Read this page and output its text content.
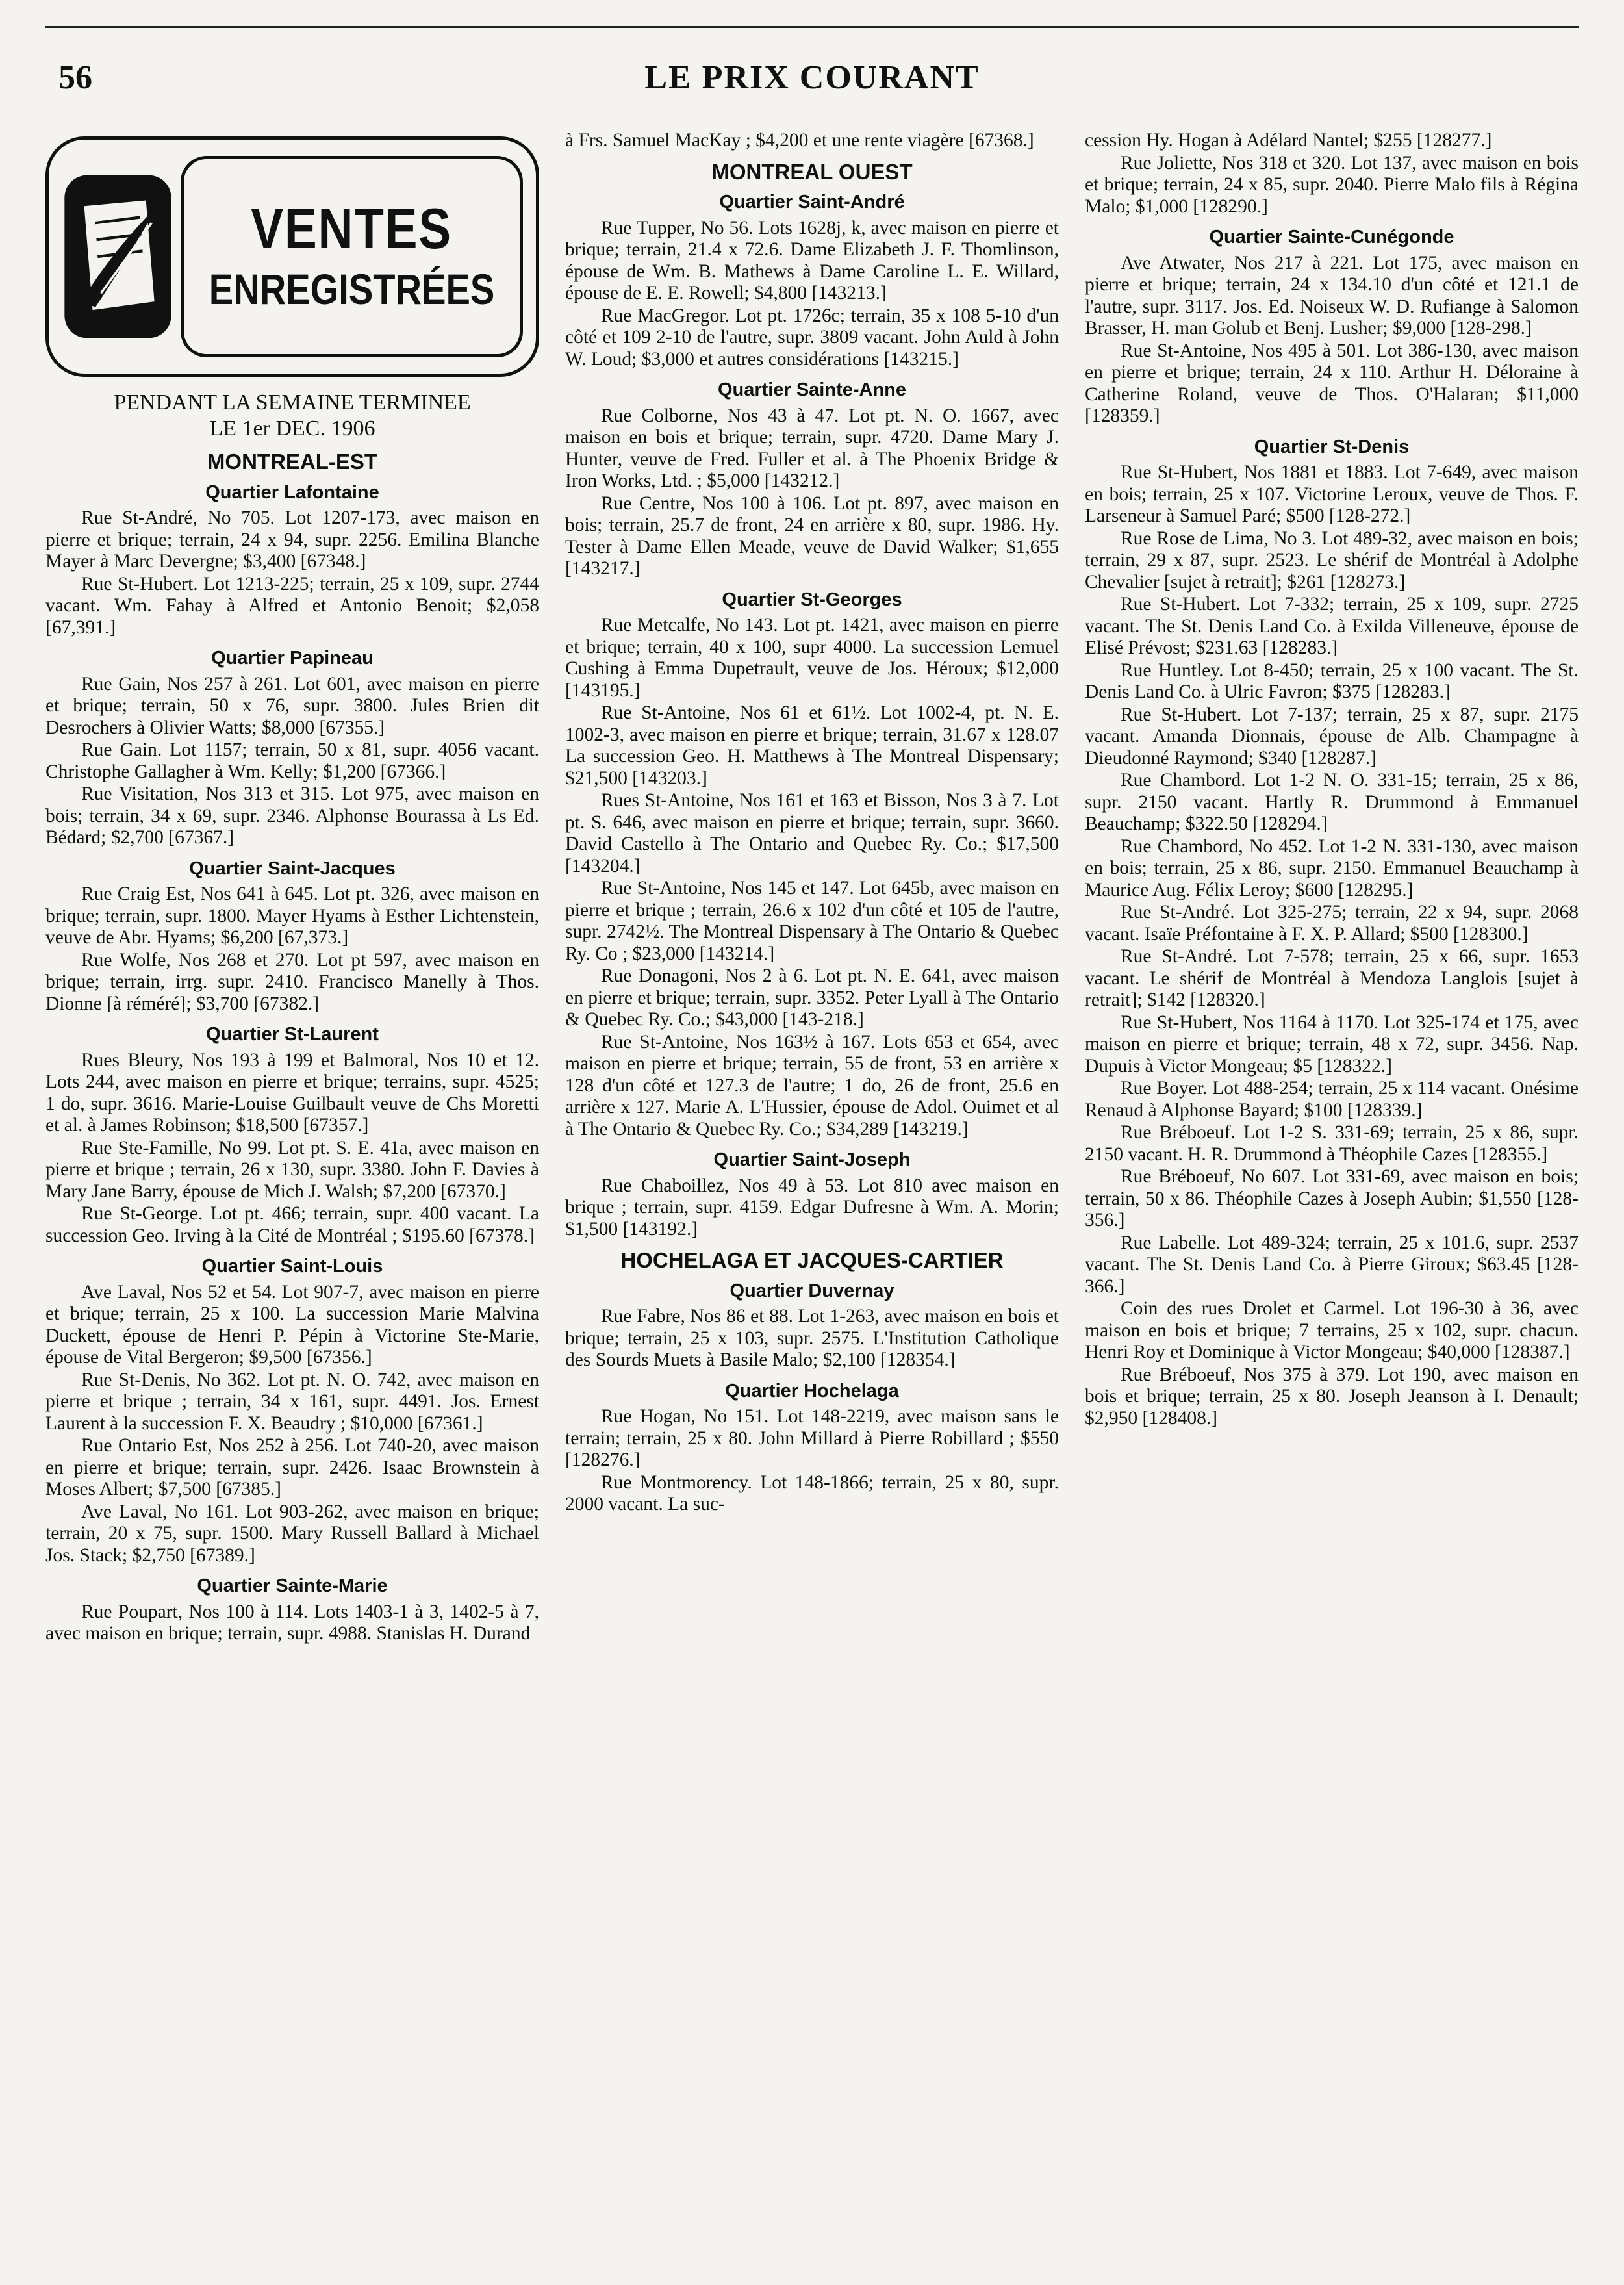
56	LE PRIX COURANT
VENTES
ENREGISTRÉES
PENDANT LA SEMAINE TERMINEE
LE 1er DEC. 1906
MONTREAL-EST
Quartier Lafontaine

Rue St-André, No 705. Lot 1207-173, avec maison en pierre et brique; terrain, 24 x 94, supr. 2256. Emilina Blanche Mayer à Marc Devergne; $3,400 [67348.]

Rue St-Hubert. Lot 1213-225; terrain, 25 x 109, supr. 2744 vacant. Wm. Fahay à Alfred et Antonio Benoit; $2,058 [67,391.]

Quartier Papineau

Rue Gain, Nos 257 à 261. Lot 601, avec maison en pierre et brique; terrain, 50 x 76, supr. 3800. Jules Brien dit Desrochers à Olivier Watts; $8,000 [67355.]

Rue Gain. Lot 1157; terrain, 50 x 81, supr. 4056 vacant. Christophe Gallagher à Wm. Kelly; $1,200 [67366.]

Rue Visitation, Nos 313 et 315. Lot 975, avec maison en bois; terrain, 34 x 69, supr. 2346. Alphonse Bourassa à Ls Ed. Bédard; $2,700 [67367.]

Quartier Saint-Jacques

Rue Craig Est, Nos 641 à 645. Lot pt. 326, avec maison en brique; terrain, supr. 1800. Mayer Hyams à Esther Lichtenstein, veuve de Abr. Hyams; $6,200 [67,373.]

Rue Wolfe, Nos 268 et 270. Lot pt 597, avec maison en brique; terrain, irrg. supr. 2410. Francisco Manelly à Thos. Dionne [à réméré]; $3,700 [67382.]

Quartier St-Laurent

Rues Bleury, Nos 193 à 199 et Balmoral, Nos 10 et 12. Lots 244, avec maison en pierre et brique; terrains, supr. 4525; 1 do, supr. 3616. Marie-Louise Guilbault veuve de Chs Moretti et al. à James Robinson; $18,500 [67357.]

Rue Ste-Famille, No 99. Lot pt. S. E. 41a, avec maison en pierre et brique ; terrain, 26 x 130, supr. 3380. John F. Davies à Mary Jane Barry, épouse de Mich J. Walsh; $7,200 [67370.]

Rue St-George. Lot pt. 466; terrain, supr. 400 vacant. La succession Geo. Irving à la Cité de Montréal ; $195.60 [67378.]

Quartier Saint-Louis

Ave Laval, Nos 52 et 54. Lot 907-7, avec maison en pierre et brique; terrain, 25 x 100. La succession Marie Malvina Duckett, épouse de Henri P. Pépin à Victorine Ste-Marie, épouse de Vital Bergeron; $9,500 [67356.]

Rue St-Denis, No 362. Lot pt. N. O. 742, avec maison en pierre et brique ; terrain, 34 x 161, supr. 4491. Jos. Ernest Laurent à la succession F. X. Beaudry ; $10,000 [67361.]

Rue Ontario Est, Nos 252 à 256. Lot 740-20, avec maison en pierre et brique; terrain, supr. 2426. Isaac Brownstein à Moses Albert; $7,500 [67385.]

Ave Laval, No 161. Lot 903-262, avec maison en brique; terrain, 20 x 75, supr. 1500. Mary Russell Ballard à Michael Jos. Stack; $2,750 [67389.]

Quartier Sainte-Marie

Rue Poupart, Nos 100 à 114. Lots 1403-1 à 3, 1402-5 à 7, avec maison en brique; terrain, supr. 4988. Stanislas H. Durand

à Frs. Samuel MacKay ; $4,200 et une rente viagère [67368.]

MONTREAL OUEST
Quartier Saint-André

Rue Tupper, No 56. Lots 1628j, k, avec maison en pierre et brique; terrain, 21.4 x 72.6. Dame Elizabeth J. F. Thomlinson, épouse de Wm. B. Mathews à Dame Caroline L. E. Willard, épouse de E. E. Rowell; $4,800 [143213.]

Rue MacGregor. Lot pt. 1726c; terrain, 35 x 108 5-10 d'un côté et 109 2-10 de l'autre, supr. 3809 vacant. John Auld à John W. Loud; $3,000 et autres considérations [143215.]

Quartier Sainte-Anne

Rue Colborne, Nos 43 à 47. Lot pt. N. O. 1667, avec maison en bois et brique; terrain, supr. 4720. Dame Mary J. Hunter, veuve de Fred. Fuller et al. à The Phoenix Bridge & Iron Works, Ltd. ; $5,000 [143212.]

Rue Centre, Nos 100 à 106. Lot pt. 897, avec maison en bois; terrain, 25.7 de front, 24 en arrière x 80, supr. 1986. Hy. Tester à Dame Ellen Meade, veuve de David Walker; $1,655 [143217.]

Quartier St-Georges

Rue Metcalfe, No 143. Lot pt. 1421, avec maison en pierre et brique; terrain, 40 x 100, supr 4000. La succession Lemuel Cushing à Emma Dupetrault, veuve de Jos. Héroux; $12,000 [143195.]

Rue St-Antoine, Nos 61 et 61½. Lot 1002-4, pt. N. E. 1002-3, avec maison en pierre et brique; terrain, 31.67 x 128.07 La succession Geo. H. Matthews à The Montreal Dispensary; $21,500 [143203.]

Rues St-Antoine, Nos 161 et 163 et Bisson, Nos 3 à 7. Lot pt. S. 646, avec maison en pierre et brique; terrain, supr. 3660. David Castello à The Ontario and Quebec Ry. Co.; $17,500 [143204.]

Rue St-Antoine, Nos 145 et 147. Lot 645b, avec maison en pierre et brique ; terrain, 26.6 x 102 d'un côté et 105 de l'autre, supr. 2742½. The Montreal Dispensary à The Ontario & Quebec Ry. Co ; $23,000 [143214.]

Rue Donagoni, Nos 2 à 6. Lot pt. N. E. 641, avec maison en pierre et brique; terrain, supr. 3352. Peter Lyall à The Ontario & Quebec Ry. Co.; $43,000 [143-218.]

Rue St-Antoine, Nos 163½ à 167. Lots 653 et 654, avec maison en pierre et brique; terrain, 55 de front, 53 en arrière x 128 d'un côté et 127.3 de l'autre; 1 do, 26 de front, 25.6 en arrière x 127. Marie A. L'Hussier, épouse de Adol. Ouimet et al à The Ontario & Quebec Ry. Co.; $34,289 [143219.]

Quartier Saint-Joseph

Rue Chaboillez, Nos 49 à 53. Lot 810 avec maison en brique ; terrain, supr. 4159. Edgar Dufresne à Wm. A. Morin; $1,500 [143192.]

HOCHELAGA ET JACQUES-CARTIER
Quartier Duvernay

Rue Fabre, Nos 86 et 88. Lot 1-263, avec maison en bois et brique; terrain, 25 x 103, supr. 2575. L'Institution Catholique des Sourds Muets à Basile Malo; $2,100 [128354.]

Quartier Hochelaga

Rue Hogan, No 151. Lot 148-2219, avec maison sans le terrain; terrain, 25 x 80. John Millard à Pierre Robillard ; $550 [128276.]

Rue Montmorency. Lot 148-1866; terrain, 25 x 80, supr. 2000 vacant. La suc-

cession Hy. Hogan à Adélard Nantel; $255 [128277.]

Rue Joliette, Nos 318 et 320. Lot 137, avec maison en bois et brique; terrain, 24 x 85, supr. 2040. Pierre Malo fils à Régina Malo; $1,000 [128290.]

Quartier Sainte-Cunégonde

Ave Atwater, Nos 217 à 221. Lot 175, avec maison en pierre et brique; terrain, 24 x 134.10 d'un côté et 121.1 de l'autre, supr. 3117. Jos. Ed. Noiseux W. D. Rufiange à Salomon Brasser, H. man Golub et Benj. Lusher; $9,000 [128-298.]

Rue St-Antoine, Nos 495 à 501. Lot 386-130, avec maison en pierre et brique; terrain, 24 x 110. Arthur H. Déloraine à Catherine Roland, veuve de Thos. O'Halaran; $11,000 [128359.]

Quartier St-Denis

Rue St-Hubert, Nos 1881 et 1883. Lot 7-649, avec maison en bois; terrain, 25 x 107. Victorine Leroux, veuve de Thos. F. Larseneur à Samuel Paré; $500 [128-272.]

Rue Rose de Lima, No 3. Lot 489-32, avec maison en bois; terrain, 29 x 87, supr. 2523. Le shérif de Montréal à Adolphe Chevalier [sujet à retrait]; $261 [128273.]

Rue St-Hubert. Lot 7-332; terrain, 25 x 109, supr. 2725 vacant. The St. Denis Land Co. à Exilda Villeneuve, épouse de Elisé Prévost; $231.63 [128283.]

Rue Huntley. Lot 8-450; terrain, 25 x 100 vacant. The St. Denis Land Co. à Ulric Favron; $375 [128283.]

Rue St-Hubert. Lot 7-137; terrain, 25 x 87, supr. 2175 vacant. Amanda Dionnais, épouse de Alb. Champagne à Dieudonné Raymond; $340 [128287.]

Rue Chambord. Lot 1-2 N. O. 331-15; terrain, 25 x 86, supr. 2150 vacant. Hartly R. Drummond à Emmanuel Beauchamp; $322.50 [128294.]

Rue Chambord, No 452. Lot 1-2 N. 331-130, avec maison en bois; terrain, 25 x 86, supr. 2150. Emmanuel Beauchamp à Maurice Aug. Félix Leroy; $600 [128295.]

Rue St-André. Lot 325-275; terrain, 22 x 94, supr. 2068 vacant. Isaïe Préfontaine à F. X. P. Allard; $500 [128300.]

Rue St-André. Lot 7-578; terrain, 25 x 66, supr. 1653 vacant. Le shérif de Montréal à Mendoza Langlois [sujet à retrait]; $142 [128320.]

Rue St-Hubert, Nos 1164 à 1170. Lot 325-174 et 175, avec maison en pierre et brique; terrain, 48 x 72, supr. 3456. Nap. Dupuis à Victor Mongeau; $5 [128322.]

Rue Boyer. Lot 488-254; terrain, 25 x 114 vacant. Onésime Renaud à Alphonse Bayard; $100 [128339.]

Rue Bréboeuf. Lot 1-2 S. 331-69; terrain, 25 x 86, supr. 2150 vacant. H. R. Drummond à Théophile Cazes [128355.]

Rue Bréboeuf, No 607. Lot 331-69, avec maison en bois; terrain, 50 x 86. Théophile Cazes à Joseph Aubin; $1,550 [128-356.]

Rue Labelle. Lot 489-324; terrain, 25 x 101.6, supr. 2537 vacant. The St. Denis Land Co. à Pierre Giroux; $63.45 [128-366.]

Coin des rues Drolet et Carmel. Lot 196-30 à 36, avec maison en bois et brique; 7 terrains, 25 x 102, supr. chacun. Henri Roy et Dominique à Victor Mongeau; $40,000 [128387.]

Rue Bréboeuf, Nos 375 à 379. Lot 190, avec maison en bois et brique; terrain, 25 x 80. Joseph Jeanson à I. Denault; $2,950 [128408.]
